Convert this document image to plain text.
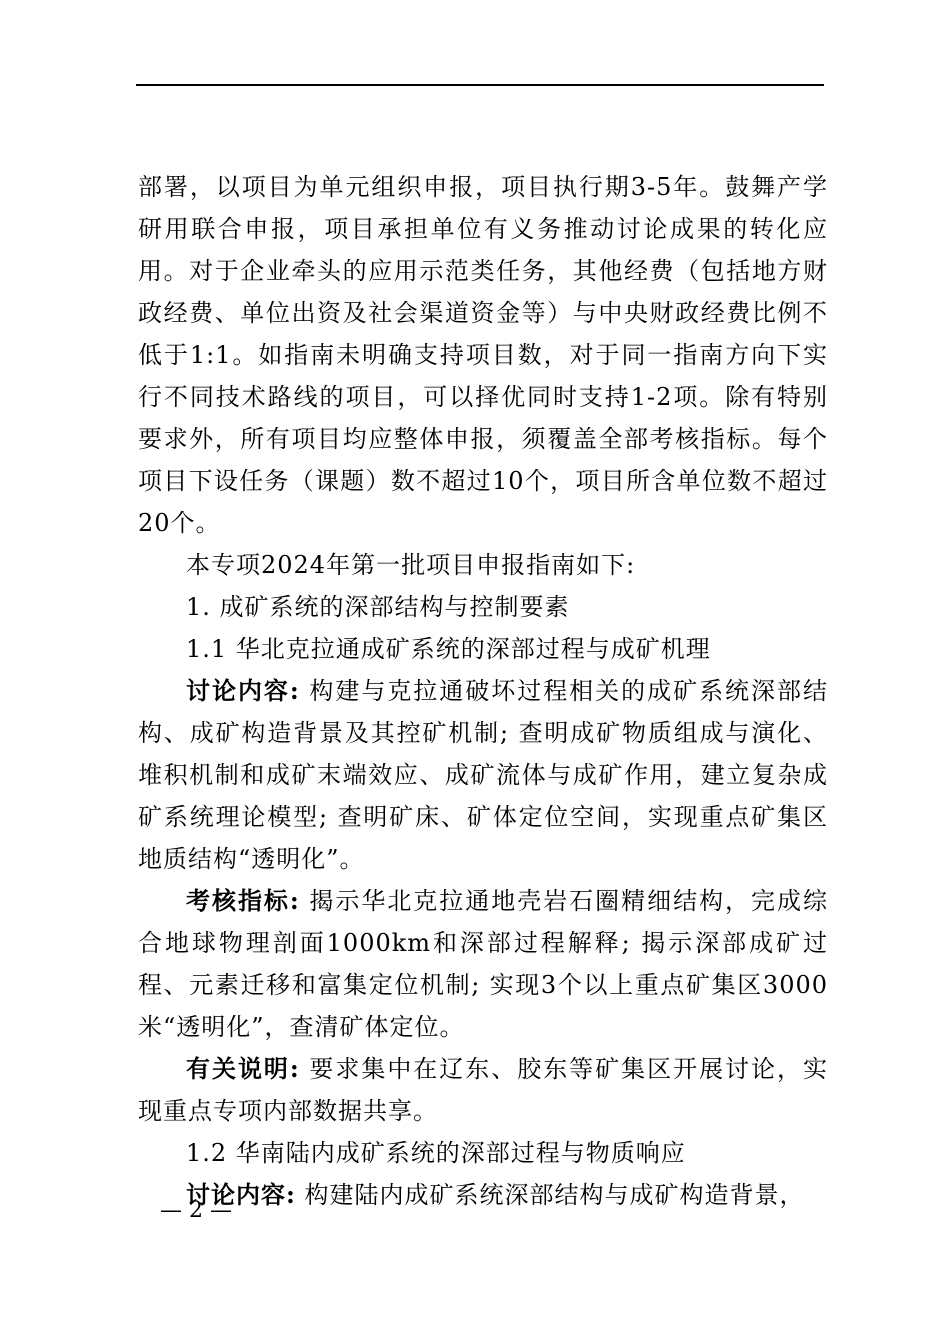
部署，以项目为单元组织申报，项目执行期3-5年。鼓舞产学研用联合申报，项目承担单位有义务推动讨论成果的转化应用。对于企业牵头的应用示范类任务，其他经费（包括地方财政经费、单位出资及社会渠道资金等）与中央财政经费比例不低于1:1。如指南未明确支持项目数，对于同一指南方向下实行不同技术路线的项目，可以择优同时支持1-2项。除有特别要求外，所有项目均应整体申报，须覆盖全部考核指标。每个项目下设任务（课题）数不超过10个，项目所含单位数不超过20个。

本专项2024年第一批项目申报指南如下:

1. 成矿系统的深部结构与控制要素

1.1 华北克拉通成矿系统的深部过程与成矿机理

讨论内容: 构建与克拉通破坏过程相关的成矿系统深部结构、成矿构造背景及其控矿机制; 查明成矿物质组成与演化、堆积机制和成矿末端效应、成矿流体与成矿作用，建立复杂成矿系统理论模型; 查明矿床、矿体定位空间，实现重点矿集区地质结构“透明化”。

考核指标: 揭示华北克拉通地壳岩石圈精细结构，完成综合地球物理剖面1000km和深部过程解释; 揭示深部成矿过程、元素迁移和富集定位机制; 实现3个以上重点矿集区3000米“透明化”，查清矿体定位。

有关说明: 要求集中在辽东、胶东等矿集区开展讨论，实现重点专项内部数据共享。

1.2 华南陆内成矿系统的深部过程与物质响应

讨论内容: 构建陆内成矿系统深部结构与成矿构造背景，

— 2 —
